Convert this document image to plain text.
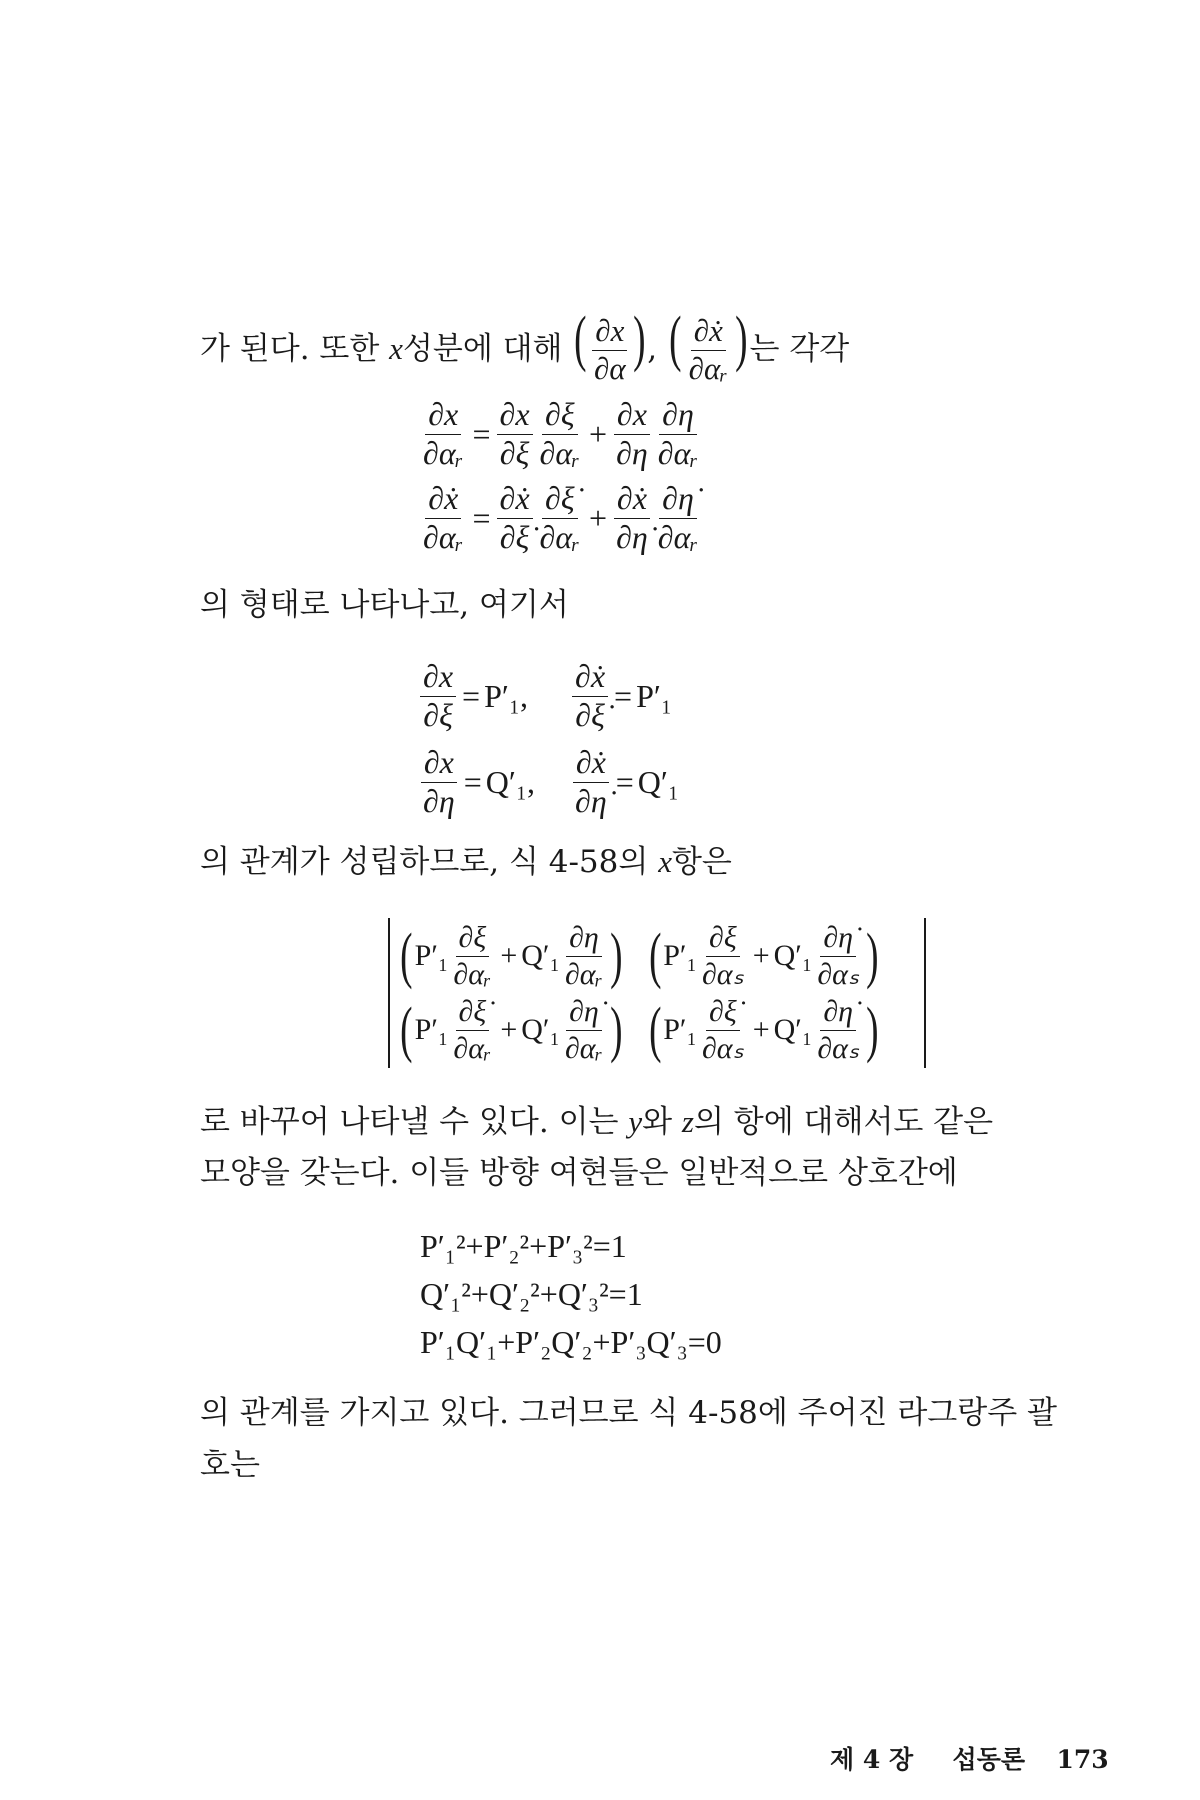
가 된다. 또한 x성분에 대해 ( $\frac{\partial x}{\partial\alpha}$ ), ( $\frac{\text{∂ẋ}}{\text{∂αᵣ}}$ )는 각각
$\frac{\partial x}{\text{∂αᵣ}} = \frac{\partial x}{\partial\xi} \frac{\partial\xi}{\text{∂αᵣ}} + \frac{\partial x}{\partial\eta} \frac{\partial\eta}{\text{∂αᵣ}}$
$\frac{\text{∂ẋ}}{\text{∂αᵣ}} = \frac{\text{∂ẋ}}{\partial\xi̇} \frac{\partial\xi̇}{\text{∂αᵣ}} + \frac{\text{∂ẋ}}{\partial\etȧ} \frac{\partial\etȧ}{\text{∂αᵣ}}$
의 형태로 나타나고, 여기서
$\frac{\partial x}{\partial\xi} = P'_1$, $\frac{\text{∂ẋ}}{\partial\xi̇} = P'_1$
$\frac{\partial x}{\partial\eta} = Q'_1$, $\frac{\text{∂ẋ}}{\partial\etȧ} = Q'_1$
의 관계가 성립하므로, 식 4-58의 x항은
( $P'_1 \frac{\partial\xi}{\text{∂αᵣ}} + Q'_1 \frac{\partial\eta}{\text{∂αᵣ}}$ ) ( $P'_1 \frac{\partial\xi}{\text{∂αₛ}} + Q'_1 \frac{\partial\etȧ}{\text{∂αₛ}}$ )
( $P'_1 \frac{\partial\xi̇}{\text{∂αᵣ}} + Q'_1 \frac{\partial\etȧ}{\text{∂αᵣ}}$ ) ( $P'_1 \frac{\partial\xi̇}{\text{∂αₛ}} + Q'_1 \frac{\partial\etȧ}{\text{∂αₛ}}$ )
로 바꾸어 나타낼 수 있다. 이는 y와 z의 항에 대해서도 같은
모양을 갖는다. 이들 방향 여현들은 일반적으로 상호간에
P′₁²+P′₂²+P′₃²=1
Q′₁²+Q′₂²+Q′₃²=1
P′₁Q′₁+P′₂Q′₂+P′₃Q′₃=0
의 관계를 가지고 있다. 그러므로 식 4-58에 주어진 라그랑주 괄
호는
제 4 장 섭동론 173
